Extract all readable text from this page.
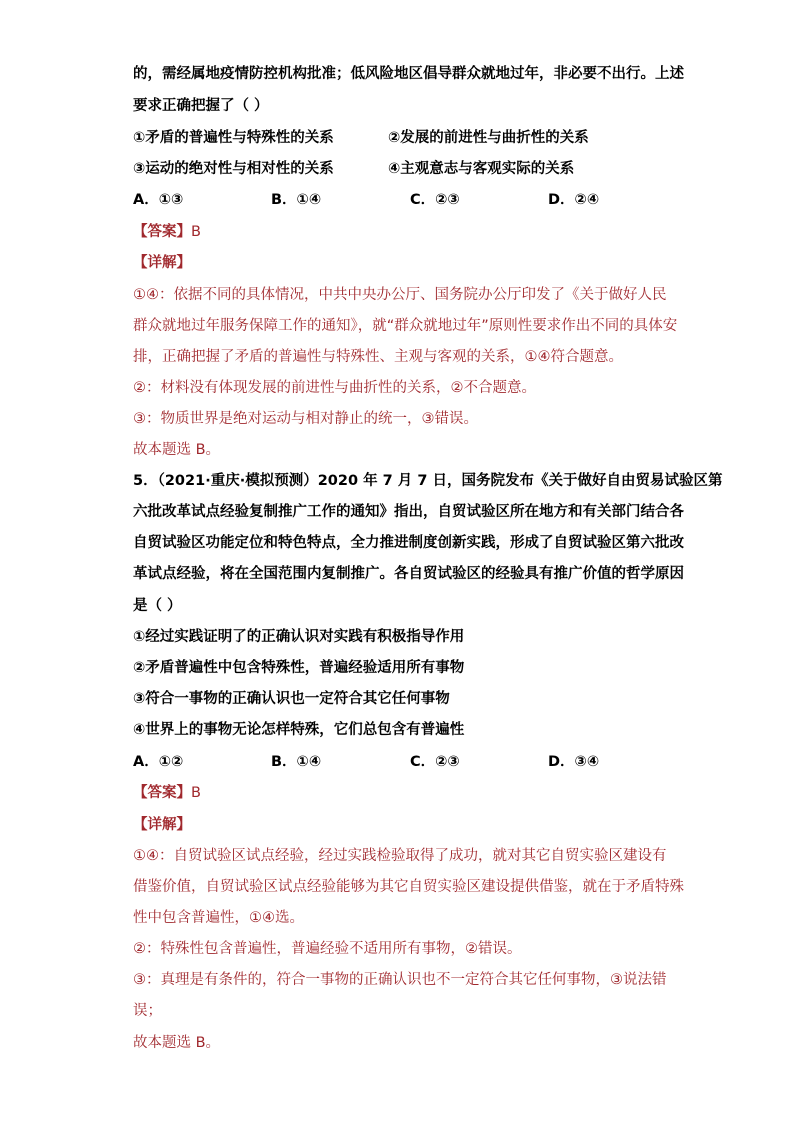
的，需经属地疫情防控机构批准；低风险地区倡导群众就地过年，非必要不出行。上述
要求正确把握了（ ）
①矛盾的普遍性与特殊性的关系	②发展的前进性与曲折性的关系
③运动的绝对性与相对性的关系	④主观意志与客观实际的关系
A．①③	B．①④	C．②③	D．②④
【答案】B
【详解】
①④：依据不同的具体情况，中共中央办公厅、国务院办公厅印发了《关于做好人民
群众就地过年服务保障工作的通知》，就“群众就地过年”原则性要求作出不同的具体安
排，正确把握了矛盾的普遍性与特殊性、主观与客观的关系，①④符合题意。
②：材料没有体现发展的前进性与曲折性的关系，②不合题意。
③：物质世界是绝对运动与相对静止的统一，③错误。
故本题选 B。
5．（2021·重庆·模拟预测）2020 年 7 月 7 日，国务院发布《关于做好自由贸易试验区第
六批改革试点经验复制推广工作的通知》指出，自贸试验区所在地方和有关部门结合各
自贸试验区功能定位和特色特点，全力推进制度创新实践，形成了自贸试验区第六批改
革试点经验，将在全国范围内复制推广。各自贸试验区的经验具有推广价值的哲学原因
是（ ）
①经过实践证明了的正确认识对实践有积极指导作用
②矛盾普遍性中包含特殊性，普遍经验适用所有事物
③符合一事物的正确认识也一定符合其它任何事物
④世界上的事物无论怎样特殊，它们总包含有普遍性
A．①②	B．①④	C．②③	D．③④
【答案】B
【详解】
①④：自贸试验区试点经验，经过实践检验取得了成功，就对其它自贸实验区建设有
借鉴价值，自贸试验区试点经验能够为其它自贸实验区建设提供借鉴，就在于矛盾特殊
性中包含普遍性，①④选。
②：特殊性包含普遍性，普遍经验不适用所有事物，②错误。
③：真理是有条件的，符合一事物的正确认识也不一定符合其它任何事物，③说法错
误；
故本题选 B。
